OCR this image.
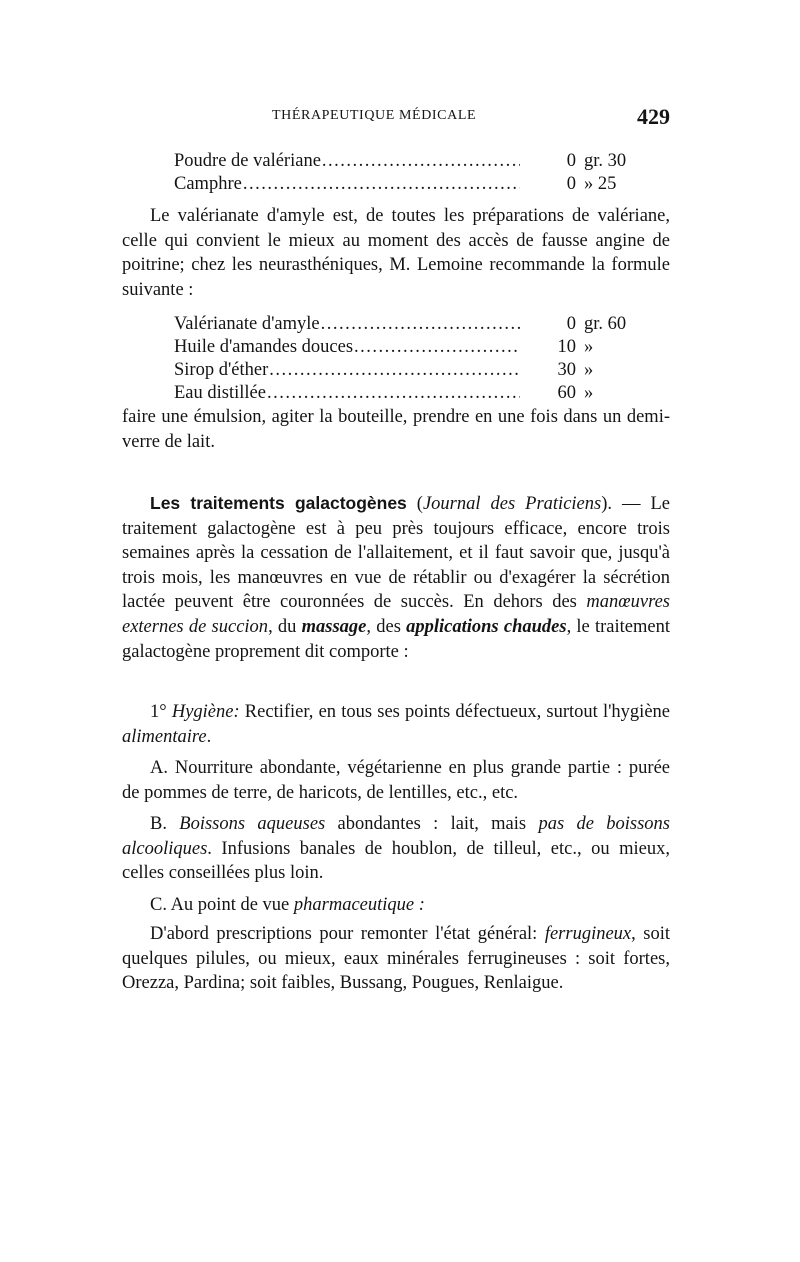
THÉRAPEUTIQUE MÉDICALE	429
Poudre de valériane .....	0 gr. 30
Camphre .....	0 » 25

Le valérianate d'amyle est, de toutes les préparations de valériane, celle qui convient le mieux au moment des accès de fausse angine de poitrine; chez les neurasthéniques, M. Lemoine recommande la formule suivante :

Valérianate d'amyle .....	0 gr. 60
Huile d'amandes douces .....	10 »
Sirop d'éther .....	30 »
Eau distillée .....	60 »

faire une émulsion, agiter la bouteille, prendre en une fois dans un demi-verre de lait.

Les traitements galactogènes (Journal des Praticiens). — Le traitement galactogène est à peu près toujours efficace, encore trois semaines après la cessation de l'allaitement, et il faut savoir que, jusqu'à trois mois, les manœuvres en vue de rétablir ou d'exagérer la sécrétion lactée peuvent être couronnées de succès. En dehors des manœuvres externes de succion, du massage, des applications chaudes, le traitement galactogène proprement dit comporte :

1° Hygiène: Rectifier, en tous ses points défectueux, surtout l'hygiène alimentaire.

A. Nourriture abondante, végétarienne en plus grande partie : purée de pommes de terre, de haricots, de lentilles, etc., etc.

B. Boissons aqueuses abondantes : lait, mais pas de boissons alcooliques. Infusions banales de houblon, de tilleul, etc., ou mieux, celles conseillées plus loin.

C. Au point de vue pharmaceutique :

D'abord prescriptions pour remonter l'état général: ferrugineux, soit quelques pilules, ou mieux, eaux minérales ferrugineuses : soit fortes, Orezza, Pardina; soit faibles, Bussang, Pougues, Renlaigue.
